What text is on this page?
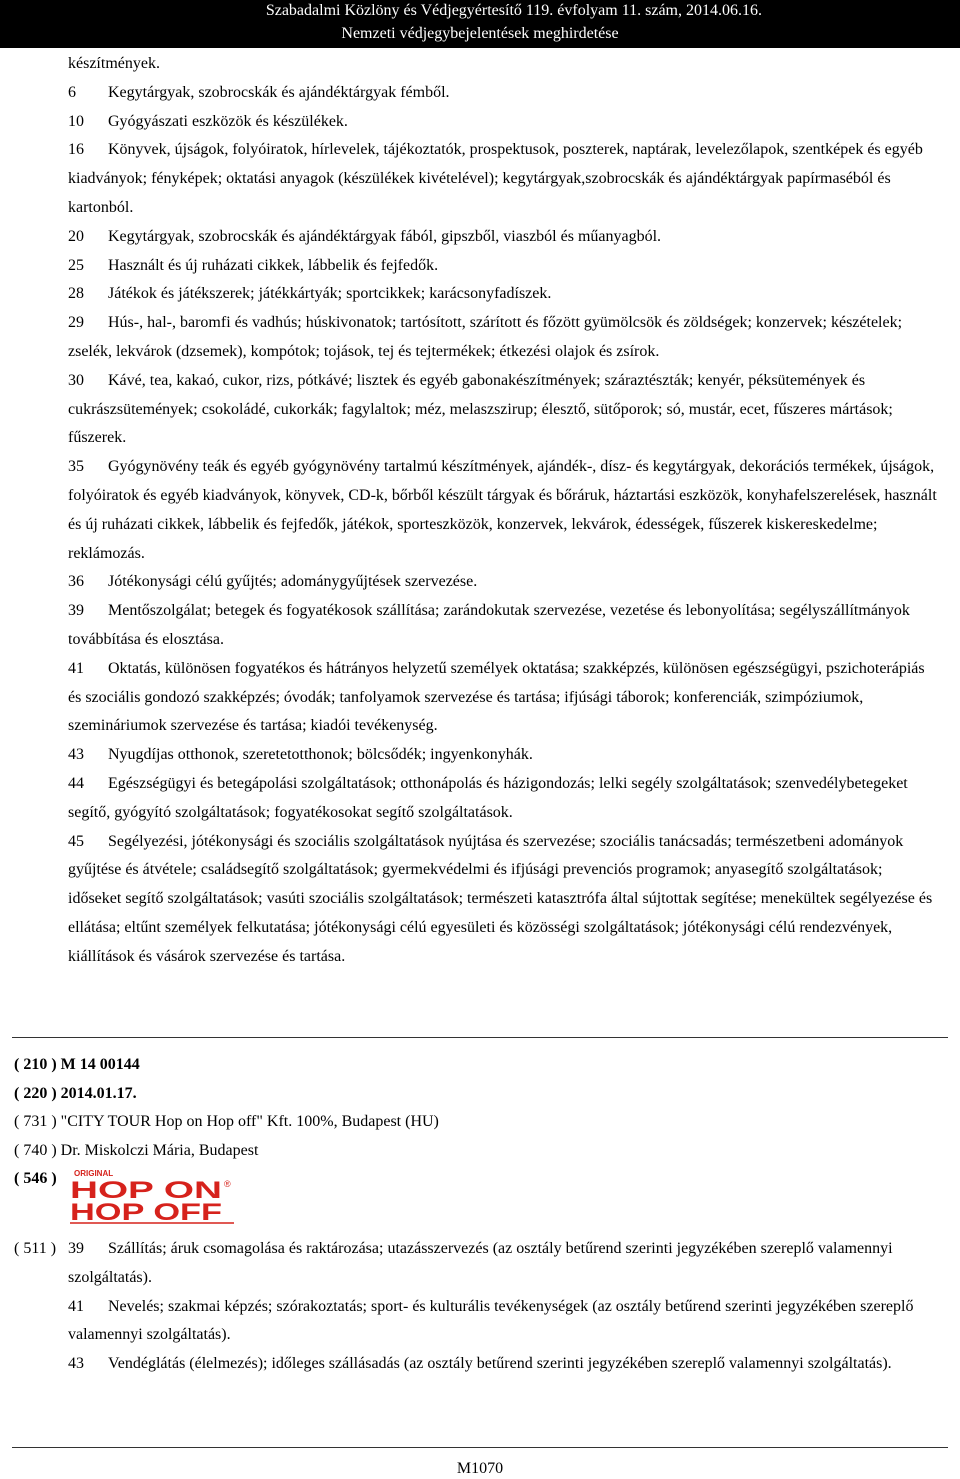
Szabadalmi Közlöny és Védjegyértesítő 119. évfolyam 11. szám, 2014.06.16.
Nemzeti védjegybejelentések meghirdetése

készítmények.

6 Kegytárgyak, szobrocskák és ajándéktárgyak fémből.

10 Gyógyászati eszközök és készülékek.

16 Könyvek, újságok, folyóiratok, hírlevelek, tájékoztatók, prospektusok, poszterek, naptárak, levelezőlapok, szentképek és egyéb kiadványok; fényképek; oktatási anyagok (készülékek kivételével); kegytárgyak,szobrocskák és ajándéktárgyak papírmaséból és kartonból.

20 Kegytárgyak, szobrocskák és ajándéktárgyak fából, gipszből, viaszból és műanyagból.

25 Használt és új ruházati cikkek, lábbelik és fejfedők.

28 Játékok és játékszerek; játékkártyák; sportcikkek; karácsonyfadíszek.

29 Hús-, hal-, baromfi és vadhús; húskivonatok; tartósított, szárított és főzött gyümölcsök és zöldségek; konzervek; készételek; zselék, lekvárok (dzsemek), kompótok; tojások, tej és tejtermékek; étkezési olajok és zsírok.

30 Kávé, tea, kakaó, cukor, rizs, pótkávé; lisztek és egyéb gabonakészítmények; száraztészták; kenyér, péksütemények és cukrászsütemények; csokoládé, cukorkák; fagylaltok; méz, melaszszirup; élesztő, sütőporok; só, mustár, ecet, fűszeres mártások; fűszerek.

35 Gyógynövény teák és egyéb gyógynövény tartalmú készítmények, ajándék-, dísz- és kegytárgyak, dekorációs termékek, újságok, folyóiratok és egyéb kiadványok, könyvek, CD-k, bőrből készült tárgyak és bőráruk, háztartási eszközök, konyhafelszerelések, használt és új ruházati cikkek, lábbelik és fejfedők, játékok, sporteszközök, konzervek, lekvárok, édességek, fűszerek kiskereskedelme; reklámozás.

36 Jótékonysági célú gyűjtés; adománygyűjtések szervezése.

39 Mentőszolgálat; betegek és fogyatékosok szállítása; zarándokutak szervezése, vezetése és lebonyolítása; segélyszállítmányok továbbítása és elosztása.

41 Oktatás, különösen fogyatékos és hátrányos helyzetű személyek oktatása; szakképzés, különösen egészségügyi, pszichoterápiás és szociális gondozó szakképzés; óvodák; tanfolyamok szervezése és tartása; ifjúsági táborok; konferenciák, szimpóziumok, szemináriumok szervezése és tartása; kiadói tevékenység.

43 Nyugdíjas otthonok, szeretetotthonok; bölcsődék; ingyenkonyhák.

44 Egészségügyi és betegápolási szolgáltatások; otthonápolás és házigondozás; lelki segély szolgáltatások; szenvedélybetegeket segítő, gyógyító szolgáltatások; fogyatékosokat segítő szolgáltatások.

45 Segélyezési, jótékonysági és szociális szolgáltatások nyújtása és szervezése; szociális tanácsadás; természetbeni adományok gyűjtése és átvétele; családsegítő szolgáltatások; gyermekvédelmi és ifjúsági prevenciós programok; anyasegítő szolgáltatások; időseket segítő szolgáltatások; vasúti szociális szolgáltatások; természeti katasztrófa által sújtottak segítése; menekültek segélyezése és ellátása; eltűnt személyek felkutatása; jótékonysági célú egyesületi és közösségi szolgáltatások; jótékonysági célú rendezvények, kiállítások és vásárok szervezése és tartása.

( 210 ) M 14 00144
( 220 ) 2014.01.17.
( 731 ) "CITY TOUR Hop on Hop off" Kft. 100%, Budapest (HU)
( 740 ) Dr. Miskolczi Mária, Budapest
( 546 )	ORIGINAL
HOP ON
HOP OFF
®
( 511 ) 39 Szállítás; áruk csomagolása és raktározása; utazásszervezés (az osztály betűrend szerinti jegyzékében szereplő valamennyi szolgáltatás).
41 Nevelés; szakmai képzés; szórakoztatás; sport- és kulturális tevékenységek (az osztály betűrend szerinti jegyzékében szereplő valamennyi szolgáltatás).
43 Vendéglátás (élelmezés); időleges szállásadás (az osztály betűrend szerinti jegyzékében szereplő valamennyi szolgáltatás).
M1070
